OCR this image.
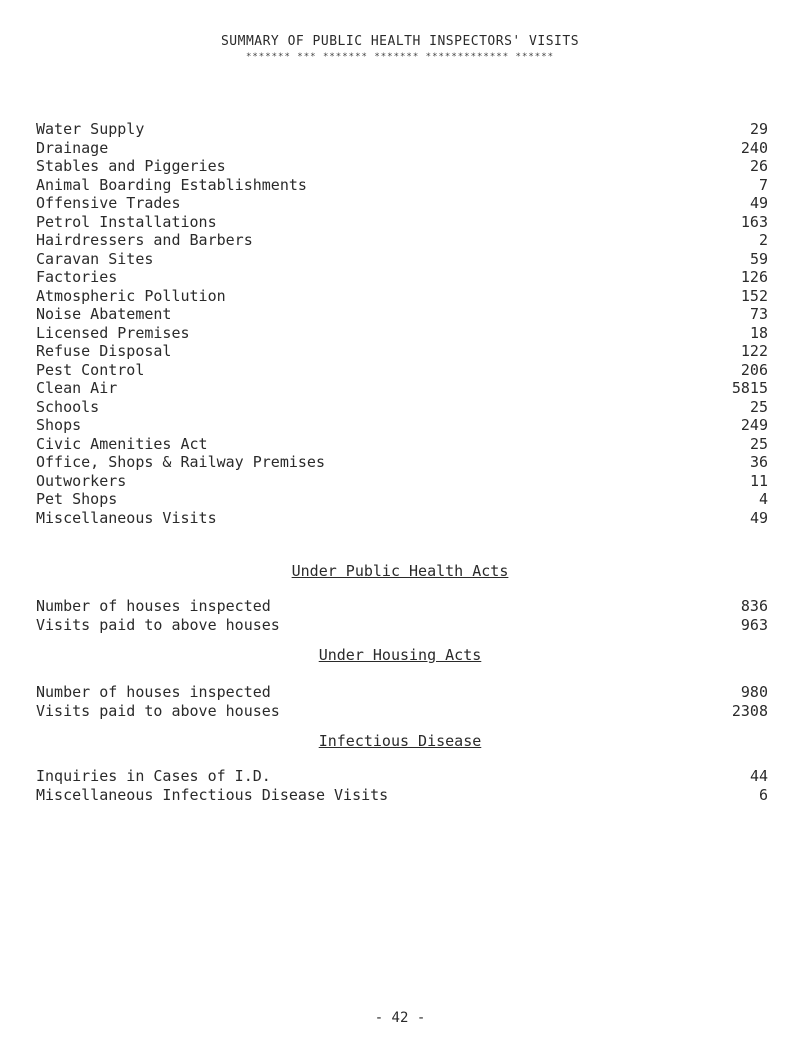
SUMMARY OF PUBLIC HEALTH INSPECTORS' VISITS
******* *** ******* ******* ************* ******
Water Supply	29
Drainage	240
Stables and Piggeries	26
Animal Boarding Establishments	7
Offensive Trades	49
Petrol Installations	163
Hairdressers and Barbers	2
Caravan Sites	59
Factories	126
Atmospheric Pollution	152
Noise Abatement	73
Licensed Premises	18
Refuse Disposal	122
Pest Control	206
Clean Air	5815
Schools	25
Shops	249
Civic Amenities Act	25
Office, Shops & Railway Premises	36
Outworkers	11
Pet Shops	4
Miscellaneous Visits	49
Under Public Health Acts
Number of houses inspected	836
Visits paid to above houses	963
Under Housing Acts
Number of houses inspected	980
Visits paid to above houses	2308
Infectious Disease
Inquiries in Cases of I.D.	44
Miscellaneous Infectious Disease Visits	6
- 42 -
